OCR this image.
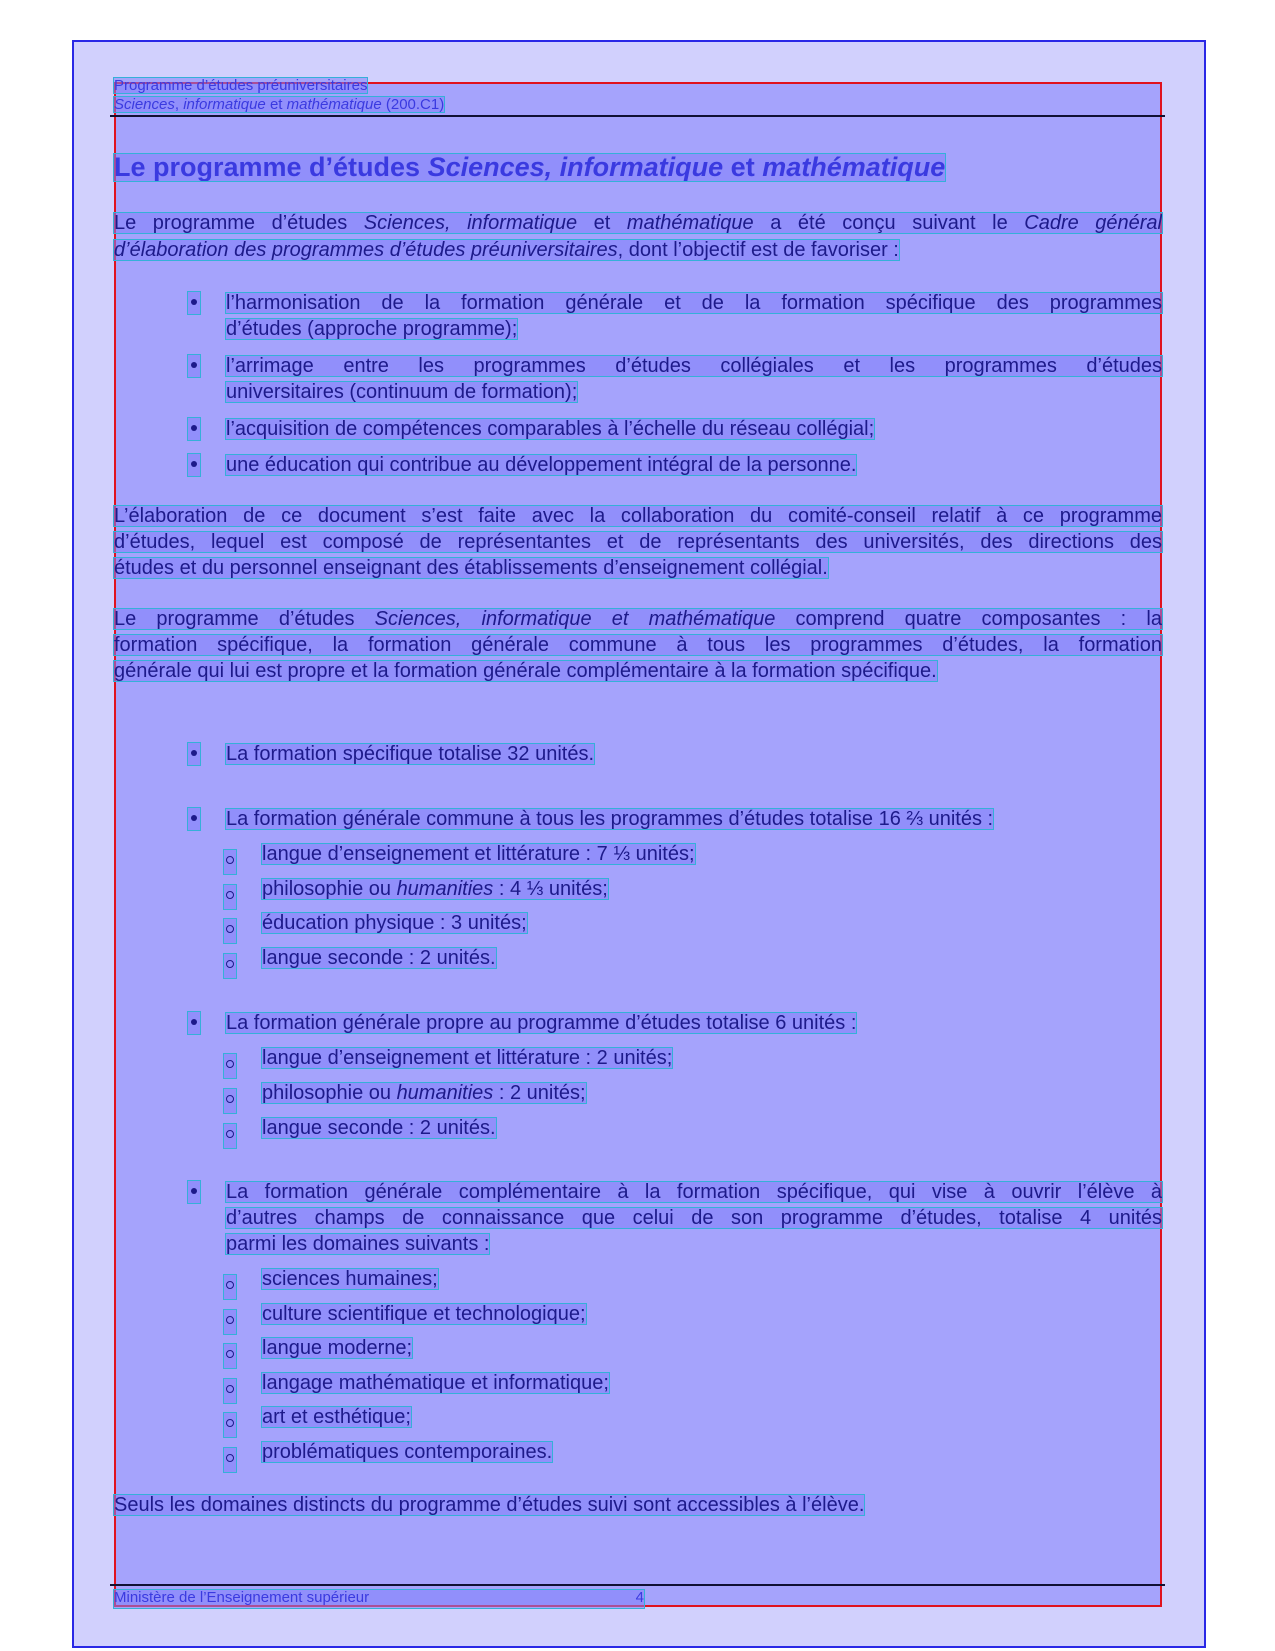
Programme d’études préuniversitaires
Sciences, informatique et mathématique (200.C1)
Le programme d’études Sciences, informatique et mathématique
Le programme d’études Sciences, informatique et mathématique a été conçu suivant le Cadre général
d’élaboration des programmes d’études préuniversitaires, dont l’objectif est de favoriser :
l’harmonisation de la formation générale et de la formation spécifique des programmes
d’études (approche programme);
l’arrimage entre les programmes d’études collégiales et les programmes d’études
universitaires (continuum de formation);
l’acquisition de compétences comparables à l’échelle du réseau collégial;
une éducation qui contribue au développement intégral de la personne.
L’élaboration de ce document s’est faite avec la collaboration du comité-conseil relatif à ce programme
d’études, lequel est composé de représentantes et de représentants des universités, des directions des
études et du personnel enseignant des établissements d’enseignement collégial.
Le programme d’études Sciences, informatique et mathématique comprend quatre composantes : la
formation spécifique, la formation générale commune à tous les programmes d’études, la formation
générale qui lui est propre et la formation générale complémentaire à la formation spécifique.
La formation spécifique totalise 32 unités.
La formation générale commune à tous les programmes d’études totalise 16 ⅔ unités :
langue d’enseignement et littérature : 7 ⅓ unités;
philosophie ou humanities : 4 ⅓ unités;
éducation physique : 3 unités;
langue seconde : 2 unités.
La formation générale propre au programme d’études totalise 6 unités :
langue d’enseignement et littérature : 2 unités;
philosophie ou humanities : 2 unités;
langue seconde : 2 unités.
La formation générale complémentaire à la formation spécifique, qui vise à ouvrir l’élève à
d’autres champs de connaissance que celui de son programme d’études, totalise 4 unités
parmi les domaines suivants :
sciences humaines;
culture scientifique et technologique;
langue moderne;
langage mathématique et informatique;
art et esthétique;
problématiques contemporaines.
Seuls les domaines distincts du programme d’études suivi sont accessibles à l’élève.
Ministère de l’Enseignement supérieur	4
